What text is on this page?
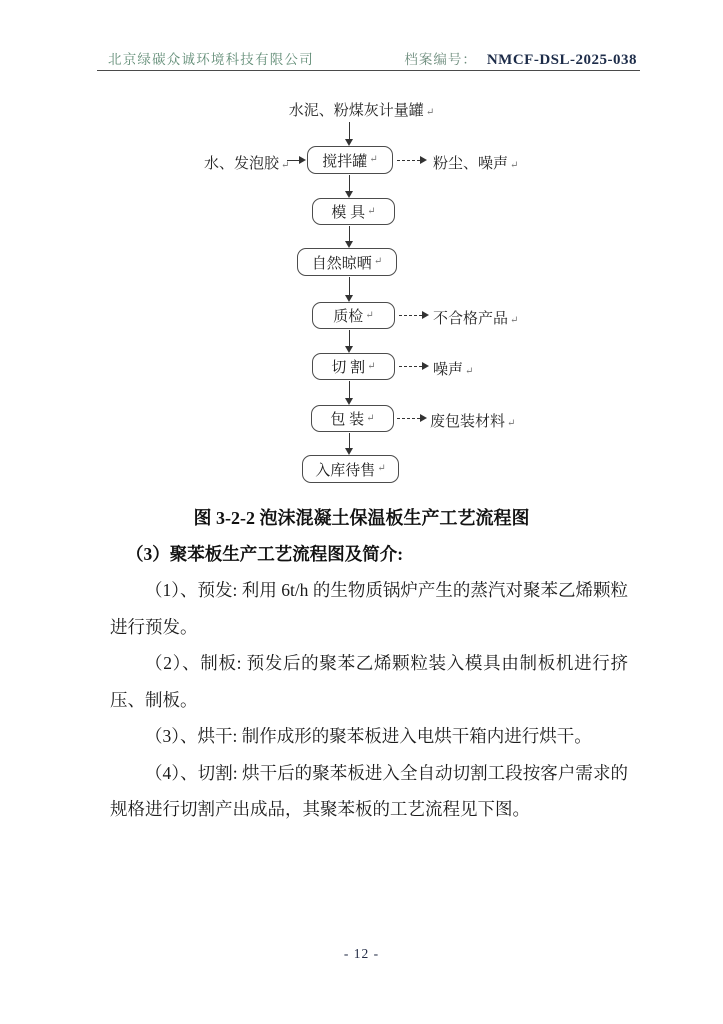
北京绿碳众诚环境科技有限公司	档案编号： NMCF-DSL-2025-038
水泥、粉煤灰计量罐 ↵
搅拌罐 ↵
水、发泡胶 ↵	粉尘、噪声 ↵
模 具 ↵
自然晾晒 ↵
质检 ↵	不合格产品 ↵
切 割 ↵	噪声 ↵
包 装 ↵	废包装材料 ↵
入库待售 ↵
图 3-2-2 泡沫混凝土保温板生产工艺流程图
（3）聚苯板生产工艺流程图及简介:

（1）、预发: 利用 6t/h 的生物质锅炉产生的蒸汽对聚苯乙烯颗粒进行预发。

（2）、制板: 预发后的聚苯乙烯颗粒装入模具由制板机进行挤压、制板。

（3）、烘干: 制作成形的聚苯板进入电烘干箱内进行烘干。

（4）、切割: 烘干后的聚苯板进入全自动切割工段按客户需求的规格进行切割产出成品，其聚苯板的工艺流程见下图。

- 12 -
